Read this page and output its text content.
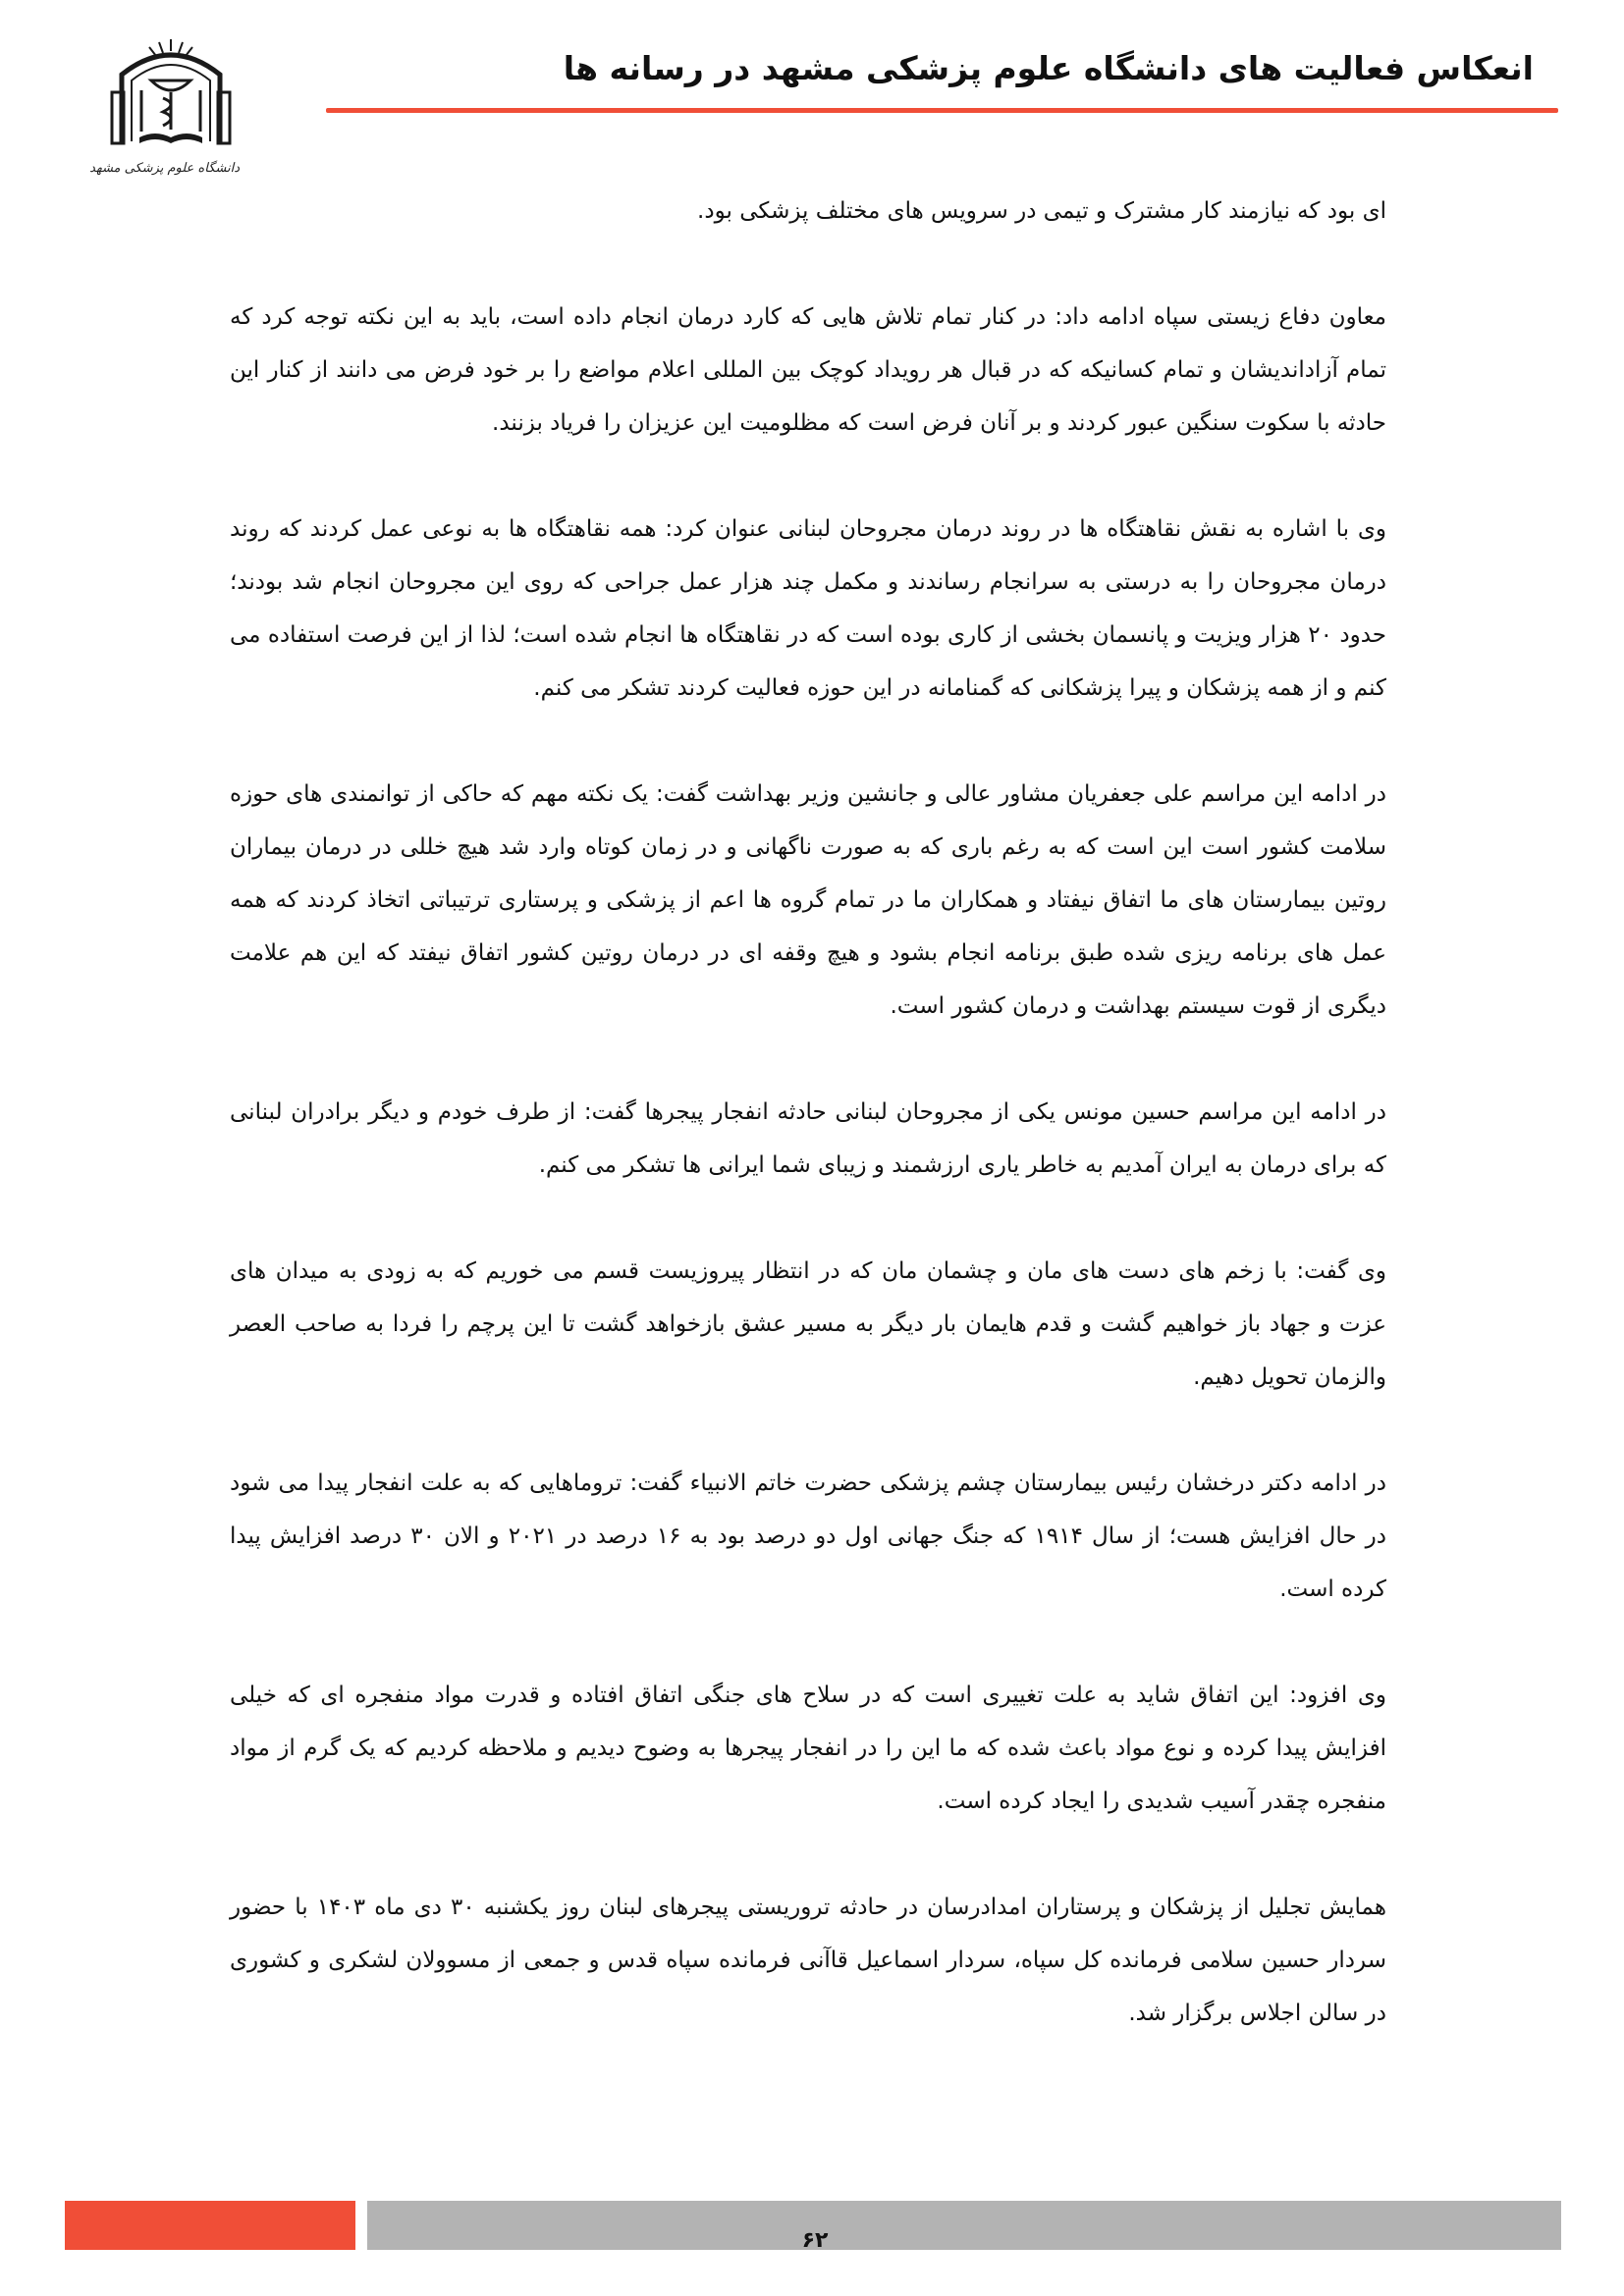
انعکاس فعالیت های دانشگاه علوم پزشکی مشهد در رسانه ها
دانشگاه علوم پزشکی مشهد

ای بود که نیازمند کار مشترک و تیمی در سرویس های مختلف پزشکی بود.

معاون دفاع زیستی سپاه ادامه داد: در کنار تمام تلاش هایی که کارد درمان انجام داده است، باید به این نکته توجه کرد که تمام آزاداندیشان و تمام کسانیکه که در قبال هر رویداد کوچک بین المللی اعلام مواضع را بر خود فرض می دانند از کنار این حادثه با سکوت سنگین عبور کردند و بر آنان فرض است که مظلومیت این عزیزان را فریاد بزنند.

وی با اشاره به نقش نقاهتگاه ها در روند درمان مجروحان لبنانی عنوان کرد: همه نقاهتگاه ها به نوعی عمل کردند که روند درمان مجروحان را به درستی به سرانجام رساندند و مکمل چند هزار عمل جراحی که روی این مجروحان انجام شد بودند؛ حدود ۲۰ هزار ویزیت و پانسمان بخشی از کاری بوده است که در نقاهتگاه ها انجام شده است؛ لذا از این فرصت استفاده می کنم و از همه پزشکان و پیرا پزشکانی که گمنامانه در این حوزه فعالیت کردند تشکر می کنم.

در ادامه این مراسم علی جعفریان مشاور عالی و جانشین وزیر بهداشت گفت: یک نکته مهم که حاکی از توانمندی های حوزه سلامت کشور است این است که به رغم باری که به صورت ناگهانی و در زمان کوتاه وارد شد هیچ خللی در درمان بیماران روتین بیمارستان های ما اتفاق نیفتاد و همکاران ما در تمام گروه ها اعم از پزشکی و پرستاری ترتیباتی اتخاذ کردند که همه عمل های برنامه ریزی شده طبق برنامه انجام بشود و هیچ وقفه ای در درمان روتین کشور اتفاق نیفتد که این هم علامت دیگری از قوت سیستم بهداشت و درمان کشور است.

در ادامه این مراسم حسین مونس یکی از مجروحان لبنانی حادثه انفجار پیجرها گفت: از طرف خودم و دیگر برادران لبنانی که برای درمان به ایران آمدیم به خاطر یاری ارزشمند و زیبای شما ایرانی ها تشکر می کنم.

وی گفت: با زخم های دست های مان و چشمان مان که در انتظار پیروزیست قسم می خوریم که به زودی به میدان های عزت و جهاد باز خواهیم گشت و قدم هایمان بار دیگر به مسیر عشق بازخواهد گشت تا این پرچم را فردا به صاحب العصر والزمان تحویل دهیم.

در ادامه دکتر درخشان رئیس بیمارستان چشم پزشکی حضرت خاتم الانبیاء گفت: تروماهایی که به علت انفجار پیدا می شود در حال افزایش هست؛ از سال ۱۹۱۴ که جنگ جهانی اول دو درصد بود به ۱۶ درصد در ۲۰۲۱ و الان ۳۰ درصد افزایش پیدا کرده است.

وی افزود: این اتفاق شاید به علت تغییری است که در سلاح های جنگی اتفاق افتاده و قدرت مواد منفجره ای که خیلی افزایش پیدا کرده و نوع مواد باعث شده که ما این را در انفجار پیجرها به وضوح دیدیم و ملاحظه کردیم که یک گرم از مواد منفجره چقدر آسیب شدیدی را ایجاد کرده است.

همایش تجلیل از پزشکان و پرستاران امدادرسان در حادثه تروریستی پیجرهای لبنان روز یکشنبه ۳۰ دی ماه ۱۴۰۳ با حضور سردار حسین سلامی فرمانده کل سپاه، سردار اسماعیل قاآنی فرمانده سپاه قدس و جمعی از مسوولان لشکری و کشوری در سالن اجلاس برگزار شد.

۶۲
